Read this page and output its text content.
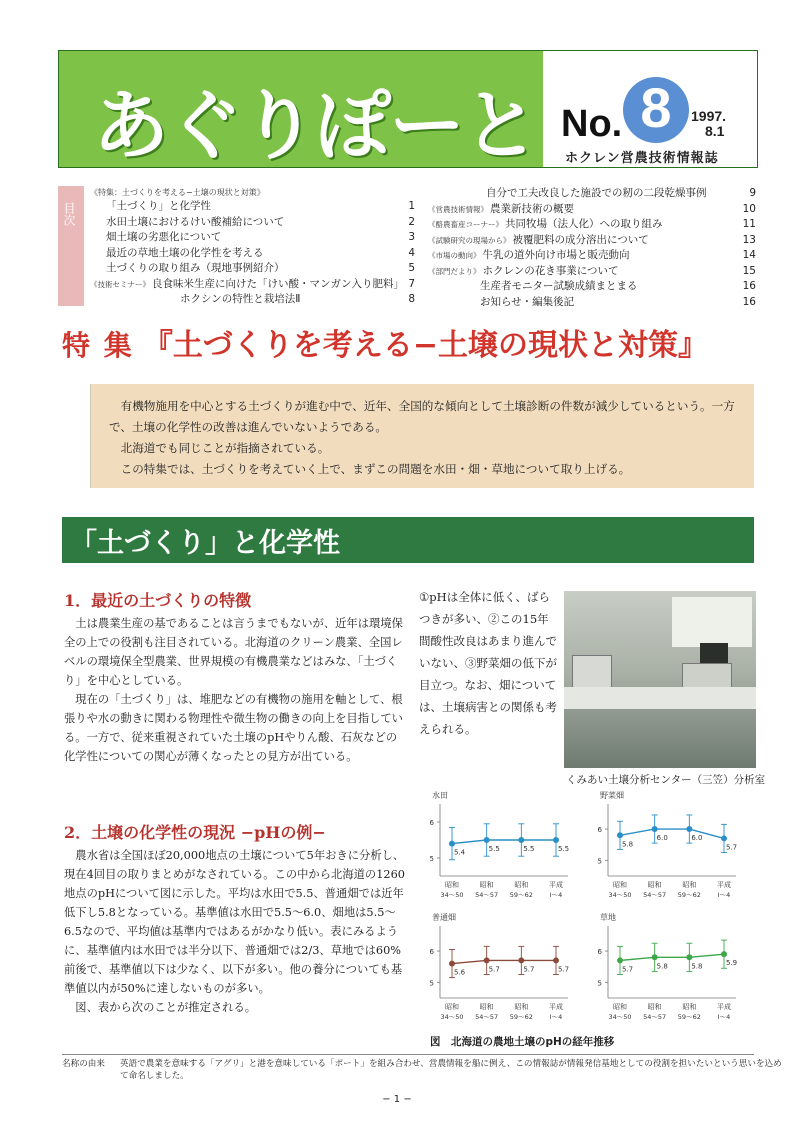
あぐりぽーと No. 8	1997.
8.1
ホクレン営農技術情報誌
目次
《特集：土づくりを考える−土壌の現状と対策》
「土づくり」と化学性	1
水田土壌におけるけい酸補給について	2
畑土壌の劣悪化について	3
最近の草地土壌の化学性を考える	4
土づくりの取り組み（現地事例紹介）	5
《技術セミナー》 良食味米生産に向けた「けい酸・マンガン入り肥料」 7
ホクシンの特性と栽培法Ⅱ	8
自分で工夫改良した施設での籾の二段乾燥事例	9
《営農技術情報》 農業新技術の概要	10
《酪農畜産コーナー》 共同牧場（法人化）への取り組み	11
《試験研究の現場から》 被覆肥料の成分溶出について	13
《市場の動向》 牛乳の道外向け市場と販売動向	14
《部門だより》 ホクレンの花き事業について	15
生産者モニター試験成績まとまる	16
お知らせ・編集後記	16
特 集 『土づくりを考える−土壌の現状と対策』

有機物施用を中心とする土づくりが進む中で、近年、全国的な傾向として土壌診断の件数が減少しているという。一方で、土壌の化学性の改善は進んでいないようである。

北海道でも同じことが指摘されている。

この特集では、土づくりを考えていく上で、まずこの問題を水田・畑・草地について取り上げる。

「土づくり」と化学性
1．最近の土づくりの特徴

土は農業生産の基であることは言うまでもないが、近年は環境保全の上での役割も注目されている。北海道のクリーン農業、全国レベルの環境保全型農業、世界規模の有機農業などはみな、「土づくり」を中心としている。

現在の「土づくり」は、堆肥などの有機物の施用を軸として、根張りや水の動きに関わる物理性や微生物の働きの向上を目指している。一方で、従来重視されていた土壌のpHやりん酸、石灰などの化学性についての関心が薄くなったとの見方が出ている。

2．土壌の化学性の現況 −pHの例−

農水省は全国ほぼ20,000地点の土壌について5年おきに分析し、現在4回目の取りまとめがなされている。この中から北海道の1260地点のpHについて図に示した。平均は水田で5.5、普通畑では近年低下し5.8となっている。基準値は水田で5.5〜6.0、畑地は5.5〜6.5なので、平均値は基準内ではあるがかなり低い。表にみるように、基準値内は水田では半分以下、普通畑では2/3、草地では60%前後で、基準値以下は少なく、以下が多い。他の養分についても基準値以内が50%に達しないものが多い。

図、表から次のことが推定される。

①pHは全体に低く、ばらつきが多い、②この15年間酸性改良はあまり進んでいない、③野菜畑の低下が目立つ。なお、畑については、土壌病害との関係も考えられる。
くみあい土壌分析センター（三笠）分析室
水田
5
6
5.4	5.5	5.5	5.5
昭和
34〜50
昭和
54〜57
昭和
59〜62
平成
Ⅰ〜4
野菜畑
5
6
5.8
6.0	6.0
5.7
昭和
34〜50
昭和
54〜57
昭和
59〜62
平成
Ⅰ〜4
普通畑
5
6
5.6	5.7	5.7	5.7
昭和
34〜50
昭和
54〜57
昭和
59〜62
平成
Ⅰ〜4
草地
5
6
5.7	5.8	5.8	5.9
昭和
34〜50
昭和
54〜57
昭和
59〜62
平成
Ⅰ〜4
図　北海道の農地土壌のpHの経年推移
名称の由来 英語で農業を意味する「アグリ」と港を意味している「ポート」を組み合わせ、営農情報を船に例え、この情報誌が情報発信基地としての役割を担いたいという思いを込め
て命名しました。
− 1 −
